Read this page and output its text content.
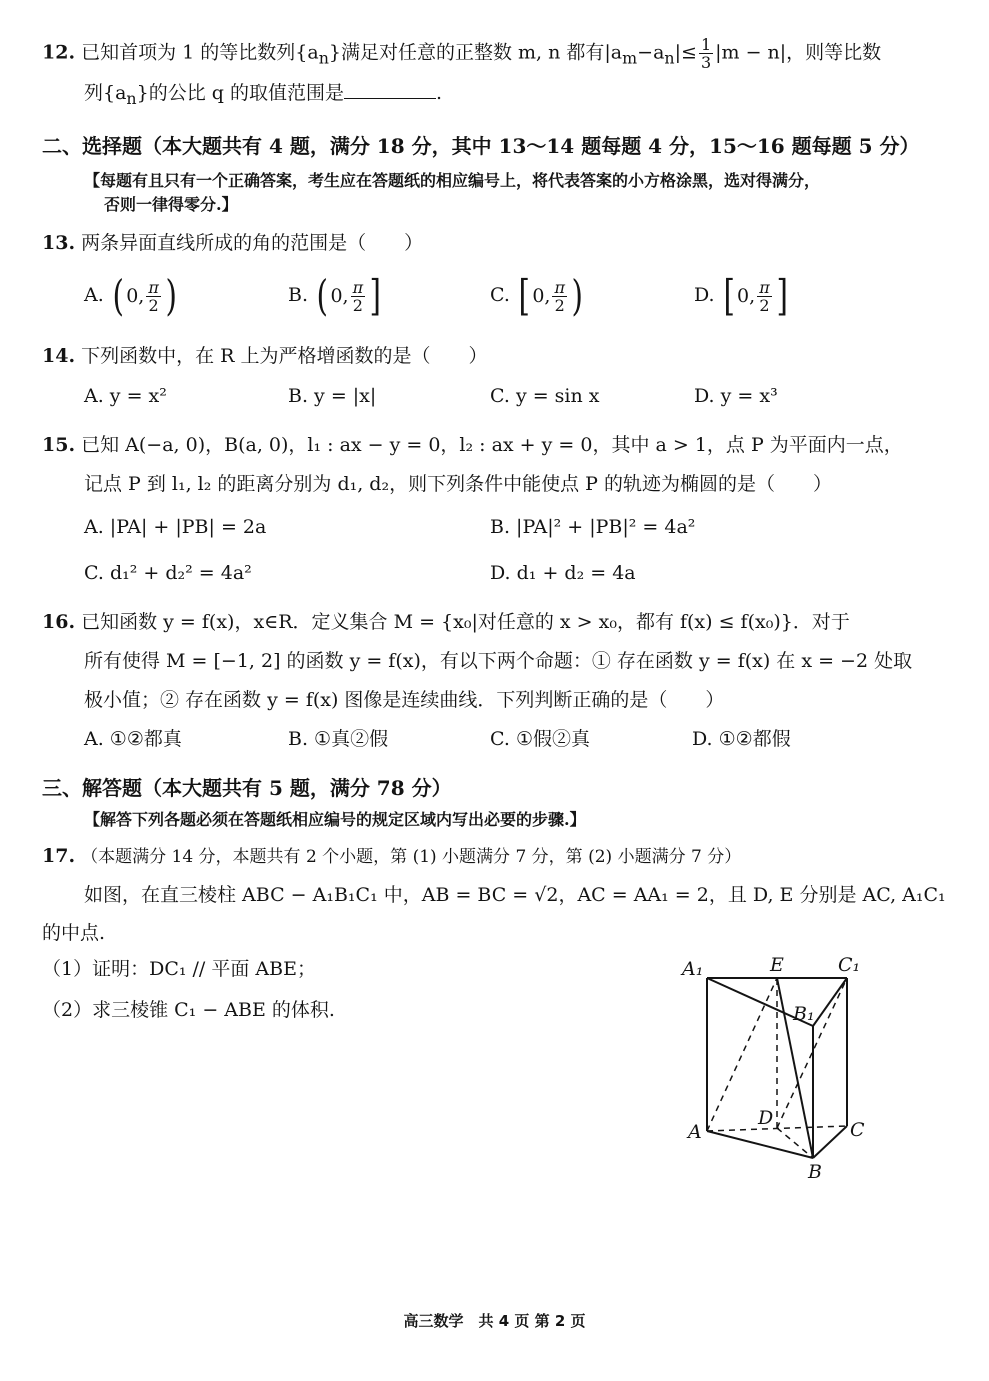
12. 已知首项为 1 的等比数列$\{a_n\}$满足对任意的正整数 m, n 都有$|a_m-a_n|\le \frac{1}{3} |m - n|$，则等比数
列$\{a_n\}$的公比 q 的取值范围是	.
二、选择题（本大题共有 4 题，满分 18 分，其中 13～14 题每题 4 分，15～16 题每题 5 分）
【每题有且只有一个正确答案，考生应在答题纸的相应编号上，将代表答案的小方格涂黑，选对得满分，
否则一律得零分.】
13. 两条异面直线所成的角的范围是（　　）
A. ( 0, $\frac{\pi}{2}$ )	B. ( 0, $\frac{\pi}{2}$ ]	C. [ 0, $\frac{\pi}{2}$ )	D. [ 0, $\frac{\pi}{2}$ ]
14. 下列函数中，在 R 上为严格增函数的是（　　）
A. y = x²	B. y = |x|	C. y = sin x	D. y = x³
15. 已知 A(−a, 0)，B(a, 0)，l₁ : ax − y = 0，l₂ : ax + y = 0，其中 a > 1，点 P 为平面内一点，
记点 P 到 l₁, l₂ 的距离分别为 d₁, d₂，则下列条件中能使点 P 的轨迹为椭圆的是（　　）
A. |PA| + |PB| = 2a	B. |PA|² + |PB|² = 4a²
C. d₁² + d₂² = 4a²	D. d₁ + d₂ = 4a
16. 已知函数 y = f(x)，x∈R．定义集合 M = {x₀|对任意的 x > x₀，都有 f(x) ≤ f(x₀)}．对于
所有使得 M = [−1, 2] 的函数 y = f(x)，有以下两个命题：① 存在函数 y = f(x) 在 x = −2 处取
极小值；② 存在函数 y = f(x) 图像是连续曲线．下列判断正确的是（　　）
A. ①②都真	B. ①真②假	C. ①假②真	D. ①②都假
三、解答题（本大题共有 5 题，满分 78 分）
【解答下列各题必须在答题纸相应编号的规定区域内写出必要的步骤.】
17. （本题满分 14 分，本题共有 2 个小题，第 (1) 小题满分 7 分，第 (2) 小题满分 7 分）
如图，在直三棱柱 ABC − A₁B₁C₁ 中，AB = BC = √2，AC = AA₁ = 2，且 D, E 分别是 AC, A₁C₁
的中点.
（1）证明：DC₁ // 平面 ABE；
（2）求三棱锥 C₁ − ABE 的体积.
A₁	E	C₁
B₁
D
A	C
B
高三数学　共 4 页 第 2 页
